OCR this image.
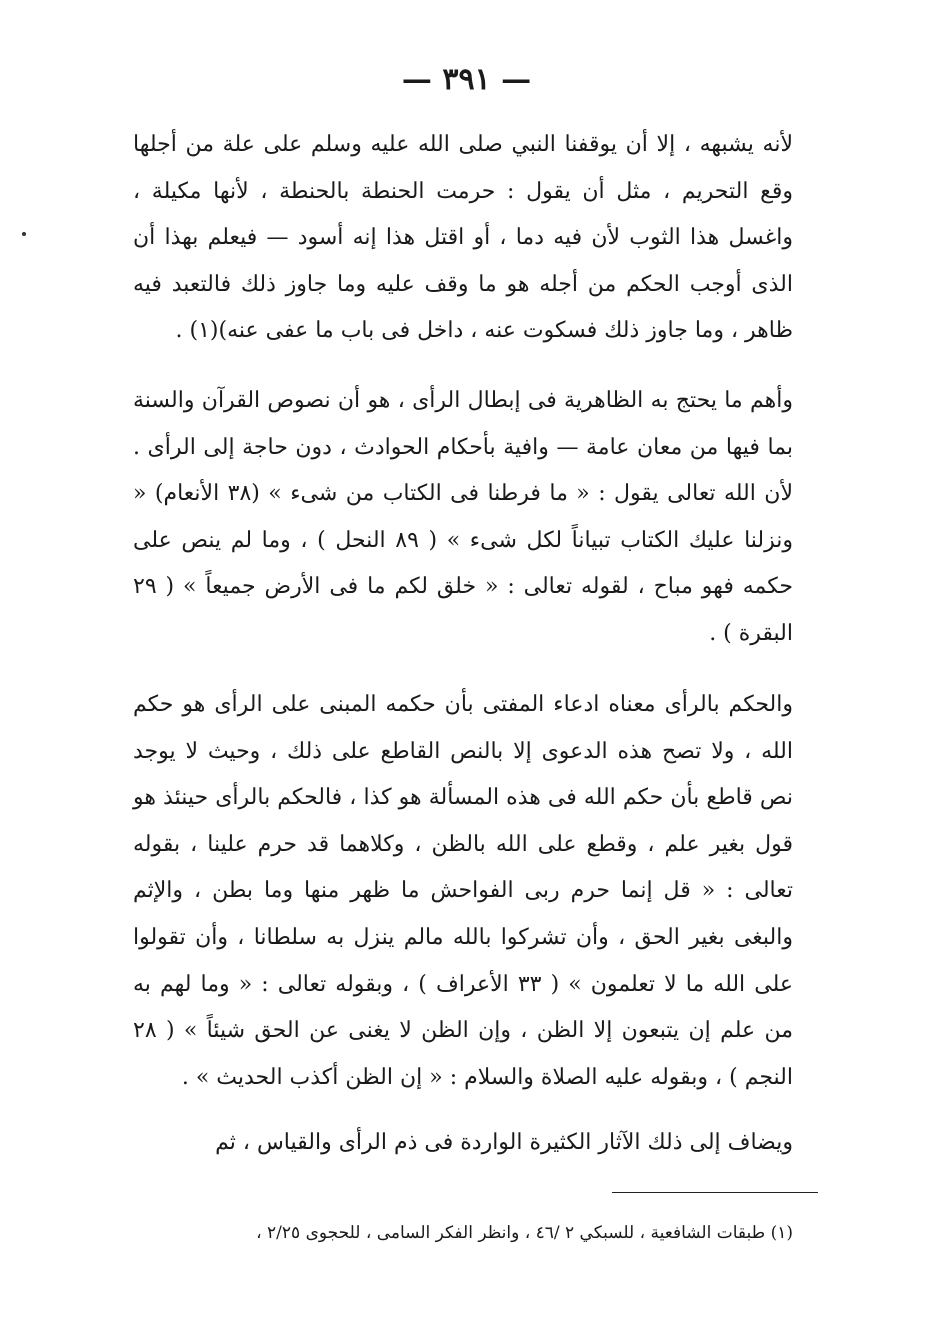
— ٣٩١ —

لأنه يشبهه ، إلا أن يوقفنا النبي صلى الله عليه وسلم على علة من أجلها وقع التحريم ، مثل أن يقول : حرمت الحنطة بالحنطة ، لأنها مكيلة ، واغسل هذا الثوب لأن فيه دما ، أو اقتل هذا إنه أسود — فيعلم بهذا أن الذى أوجب الحكم من أجله هو ما وقف عليه وما جاوز ذلك فالتعبد فيه ظاهر ، وما جاوز ذلك فسكوت عنه ، داخل فى باب ما عفى عنه)(١) .

وأهم ما يحتج به الظاهرية فى إبطال الرأى ، هو أن نصوص القرآن والسنة بما فيها من معان عامة — وافية بأحكام الحوادث ، دون حاجة إلى الرأى . لأن الله تعالى يقول : « ما فرطنا فى الكتاب من شىء » (٣٨ الأنعام) « ونزلنا عليك الكتاب تبياناً لكل شىء » ( ٨٩ النحل ) ، وما لم ينص على حكمه فهو مباح ، لقوله تعالى : « خلق لكم ما فى الأرض جميعاً » ( ٢٩ البقرة ) .

والحكم بالرأى معناه ادعاء المفتى بأن حكمه المبنى على الرأى هو حكم الله ، ولا تصح هذه الدعوى إلا بالنص القاطع على ذلك ، وحيث لا يوجد نص قاطع بأن حكم الله فى هذه المسألة هو كذا ، فالحكم بالرأى حينئذ هو قول بغير علم ، وقطع على الله بالظن ، وكلاهما قد حرم علينا ، بقوله تعالى : « قل إنما حرم ربى الفواحش ما ظهر منها وما بطن ، والإثم والبغى بغير الحق ، وأن تشركوا بالله مالم ينزل به سلطانا ، وأن تقولوا على الله ما لا تعلمون » ( ٣٣ الأعراف ) ، وبقوله تعالى : « وما لهم به من علم إن يتبعون إلا الظن ، وإن الظن لا يغنى عن الحق شيئاً » ( ٢٨ النجم ) ، وبقوله عليه الصلاة والسلام : « إن الظن أكذب الحديث » .

ويضاف إلى ذلك الآثار الكثيرة الواردة فى ذم الرأى والقياس ، ثم

(١) طبقات الشافعية ، للسبكي ٢ /٤٦ ، وانظر الفكر السامى ، للحجوى ٢/٢٥ ،
